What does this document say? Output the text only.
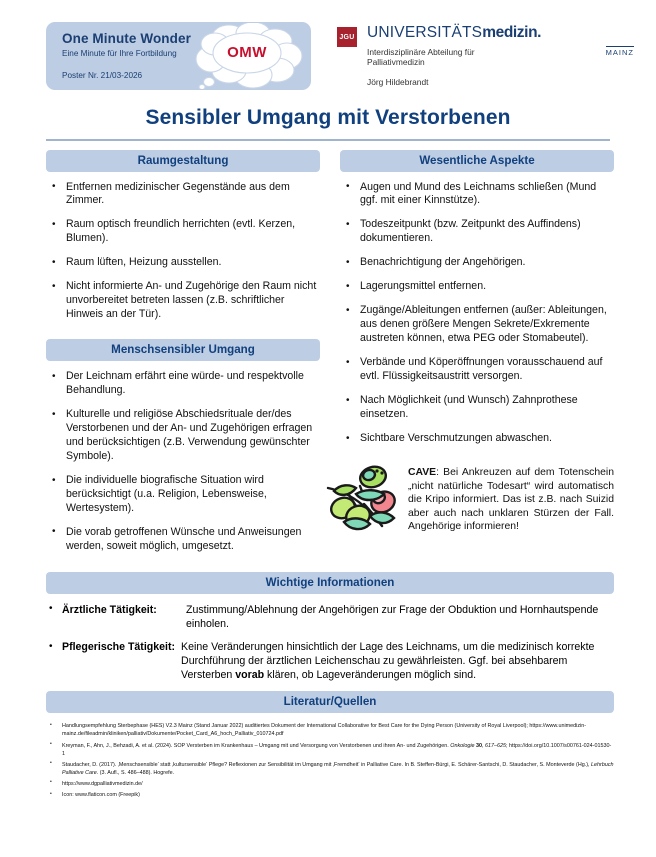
One Minute Wonder
Eine Minute für Ihre Fortbildung
Poster Nr. 21/03-2026
OMW
JGU UNIVERSITÄTSmedizin.
MAINZ
Interdisziplinäre Abteilung für Palliativmedizin
Jörg Hildebrandt
Sensibler Umgang mit Verstorbenen
Raumgestaltung
• Entfernen medizinischer Gegenstände aus dem Zimmer.
• Raum optisch freundlich herrichten (evtl. Kerzen, Blumen).
• Raum lüften, Heizung ausstellen.
• Nicht informierte An- und Zugehörige den Raum nicht unvorbereitet betreten lassen (z.B. schriftlicher Hinweis an der Tür).
Menschsensibler Umgang
• Der Leichnam erfährt eine würde- und respektvolle Behandlung.
• Kulturelle und religiöse Abschiedsrituale der/des Verstorbenen und der An- und Zugehörigen erfragen und berücksichtigen (z.B. Verwendung gewünschter Symbole).
• Die individuelle biografische Situation wird berücksichtigt (u.a. Religion, Lebensweise, Wertesystem).
• Die vorab getroffenen Wünsche und Anweisungen werden, soweit möglich, umgesetzt.
Wesentliche Aspekte
• Augen und Mund des Leichnams schließen (Mund ggf. mit einer Kinnstütze).
• Todeszeitpunkt (bzw. Zeitpunkt des Auffindens) dokumentieren.
• Benachrichtigung der Angehörigen.
• Lagerungsmittel entfernen.
• Zugänge/Ableitungen entfernen (außer: Ableitungen, aus denen größere Mengen Sekrete/Exkremente austreten können, etwa PEG oder Stomabeutel).
• Verbände und Köperöffnungen vorausschauend auf evtl. Flüssigkeitsaustritt versorgen.
• Nach Möglichkeit (und Wunsch) Zahnprothese einsetzen.
• Sichtbare Verschmutzungen abwaschen.
CAVE: Bei Ankreuzen auf dem Totenschein „nicht natürliche Todesart“ wird automatisch die Kripo informiert. Das ist z.B. nach Suizid aber auch nach unklaren Stürzen der Fall. Angehörige informieren!
Wichtige Informationen
• Ärztliche Tätigkeit:	Zustimmung/Ablehnung der Angehörigen zur Frage der Obduktion und Hornhautspende einholen.
• Pflegerische Tätigkeit: Keine Veränderungen hinsichtlich der Lage des Leichnams, um die medizinisch korrekte Durchführung der ärztlichen Leichenschau zu gewährleisten. Ggf. bei absehbarem Versterben vorab klären, ob Lageveränderungen möglich sind.
Literatur/Quellen
• Handlungsempfehlung Sterbephase (HES) V2.3 Mainz (Stand Januar 2022) auditiertes Dokument der International Collaborative for Best Care for the Dying Person (University of Royal Liverpool); https://www.unimedizin-mainz.de/fileadmin/kliniken/palliativ/Dokumente/Pocket_Card_A6_hoch_Palliativ_010724.pdf
• Kreyman, F., Ahn, J., Behzadi, A. et al. (2024). SOP Versterben im Krankenhaus – Umgang mit und Versorgung von Verstorbenen und ihren An- und Zugehörigen. Onkologie 30, 617–625; https://doi.org/10.1007/s00761-024-01530-1
• Staudacher, D. (2017). ‚Menschsensible‘ statt ‚kultursensible‘ Pflege? Reflexionen zur Sensibilität im Umgang mit ‚Fremdheit‘ in Palliative Care. In B. Steffen-Bürgi, E. Schärer-Santschi, D. Staudacher, S. Monteverde (Hg.), Lehrbuch Palliative Care. (3. Aufl., S. 486–488). Hogrefe.
• https://www.dgpalliativmedizin.de/
• Icon: www.flaticon.com (Freepik)
